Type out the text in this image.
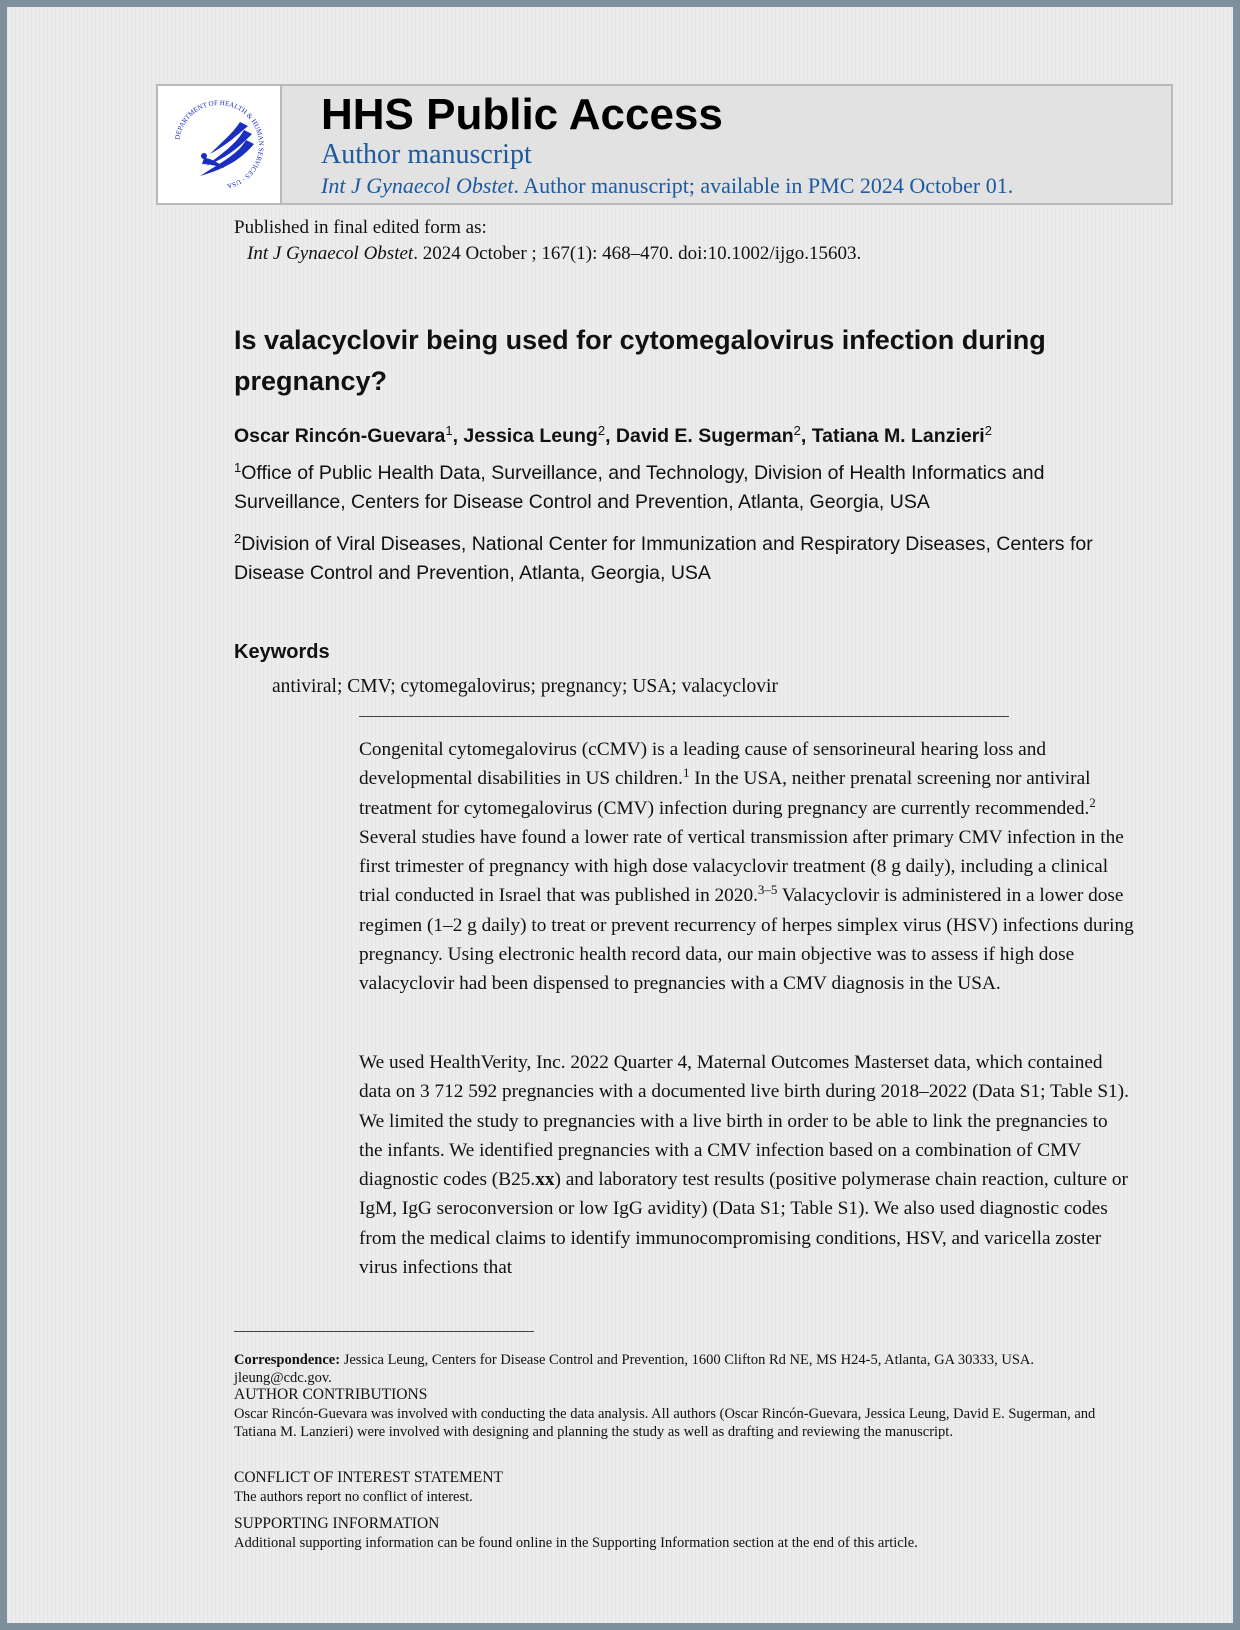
DEPARTMENT OF HEALTH & HUMAN SERVICES · USA
HHS Public Access
Author manuscript
Int J Gynaecol Obstet. Author manuscript; available in PMC 2024 October 01.
Published in final edited form as:
Int J Gynaecol Obstet. 2024 October ; 167(1): 468–470. doi:10.1002/ijgo.15603.
Is valacyclovir being used for cytomegalovirus infection during pregnancy?
Oscar Rincón-Guevara$^1$, Jessica Leung$^2$, David E. Sugerman$^2$, Tatiana M. Lanzieri$^2$
$^1$Office of Public Health Data, Surveillance, and Technology, Division of Health Informatics and Surveillance, Centers for Disease Control and Prevention, Atlanta, Georgia, USA
$^2$Division of Viral Diseases, National Center for Immunization and Respiratory Diseases, Centers for Disease Control and Prevention, Atlanta, Georgia, USA
Keywords
antiviral; CMV; cytomegalovirus; pregnancy; USA; valacyclovir
Congenital cytomegalovirus (cCMV) is a leading cause of sensorineural hearing loss and developmental disabilities in US children.$^1$ In the USA, neither prenatal screening nor antiviral treatment for cytomegalovirus (CMV) infection during pregnancy are currently recommended.$^2$ Several studies have found a lower rate of vertical transmission after primary CMV infection in the first trimester of pregnancy with high dose valacyclovir treatment (8 g daily), including a clinical trial conducted in Israel that was published in 2020.$^{3-5}$ Valacyclovir is administered in a lower dose regimen (1–2 g daily) to treat or prevent recurrency of herpes simplex virus (HSV) infections during pregnancy. Using electronic health record data, our main objective was to assess if high dose valacyclovir had been dispensed to pregnancies with a CMV diagnosis in the USA.
We used HealthVerity, Inc. 2022 Quarter 4, Maternal Outcomes Masterset data, which contained data on 3 712 592 pregnancies with a documented live birth during 2018–2022 (Data S1; Table S1). We limited the study to pregnancies with a live birth in order to be able to link the pregnancies to the infants. We identified pregnancies with a CMV infection based on a combination of CMV diagnostic codes (B25.xx) and laboratory test results (positive polymerase chain reaction, culture or IgM, IgG seroconversion or low IgG avidity) (Data S1; Table S1). We also used diagnostic codes from the medical claims to identify immunocompromising conditions, HSV, and varicella zoster virus infections that
Correspondence: Jessica Leung, Centers for Disease Control and Prevention, 1600 Clifton Rd NE, MS H24-5, Atlanta, GA 30333, USA. jleung@cdc.gov.
AUTHOR CONTRIBUTIONS
Oscar Rincón-Guevara was involved with conducting the data analysis. All authors (Oscar Rincón-Guevara, Jessica Leung, David E. Sugerman, and Tatiana M. Lanzieri) were involved with designing and planning the study as well as drafting and reviewing the manuscript.
CONFLICT OF INTEREST STATEMENT
The authors report no conflict of interest.
SUPPORTING INFORMATION
Additional supporting information can be found online in the Supporting Information section at the end of this article.
